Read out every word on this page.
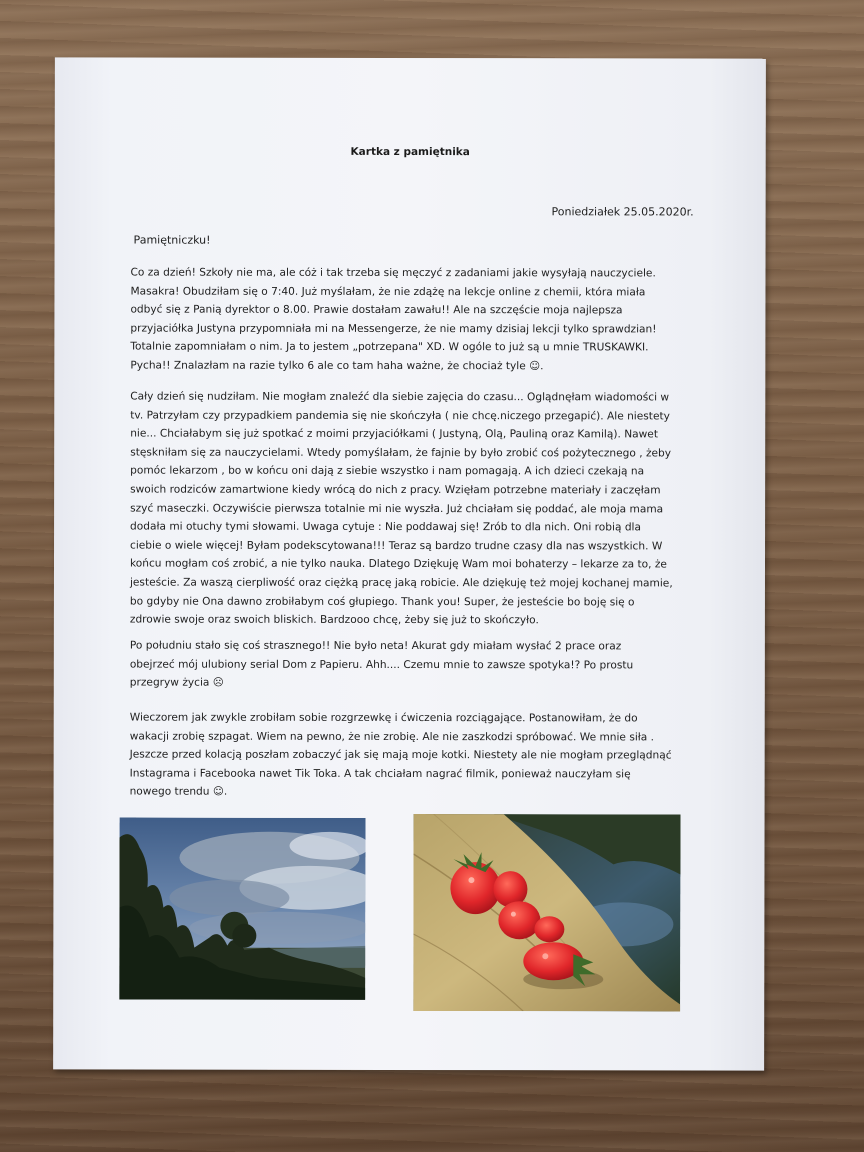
Kartka z pamiętnika
Poniedziałek 25.05.2020r.
Pamiętniczku!
Co za dzień! Szkoły nie ma, ale cóż i tak trzeba się męczyć z zadaniami jakie wysyłają nauczyciele.
Masakra! Obudziłam się o 7:40. Już myślałam, że nie zdążę na lekcje online z chemii, która miała
odbyć się z Panią dyrektor o 8.00. Prawie dostałam zawału!! Ale na szczęście moja najlepsza
przyjaciółka Justyna przypomniała mi na Messengerze, że nie mamy dzisiaj lekcji tylko sprawdzian!
Totalnie zapomniałam o nim. Ja to jestem „potrzepana" XD. W ogóle to już są u mnie TRUSKAWKI.
Pycha!! Znalazłam na razie tylko 6 ale co tam haha ważne, że chociaż tyle ☺.
Cały dzień się nudziłam. Nie mogłam znaleźć dla siebie zajęcia do czasu... Oglądnęłam wiadomości w
tv. Patrzyłam czy przypadkiem pandemia się nie skończyła ( nie chcę.niczego przegapić). Ale niestety
nie... Chciałabym się już spotkać z moimi przyjaciółkami ( Justyną, Olą, Pauliną oraz Kamilą). Nawet
stęskniłam się za nauczycielami. Wtedy pomyślałam, że fajnie by było zrobić coś pożytecznego , żeby
pomóc lekarzom , bo w końcu oni dają z siebie wszystko i nam pomagają. A ich dzieci czekają na
swoich rodziców zamartwione kiedy wrócą do nich z pracy. Wzięłam potrzebne materiały i zaczęłam
szyć maseczki. Oczywiście pierwsza totalnie mi nie wyszła. Już chciałam się poddać, ale moja mama
dodała mi otuchy tymi słowami. Uwaga cytuje : Nie poddawaj się! Zrób to dla nich. Oni robią dla
ciebie o wiele więcej! Byłam podekscytowana!!! Teraz są bardzo trudne czasy dla nas wszystkich. W
końcu mogłam coś zrobić, a nie tylko nauka. Dlatego Dziękuję Wam moi bohaterzy – lekarze za to, że
jesteście. Za waszą cierpliwość oraz ciężką pracę jaką robicie. Ale dziękuję też mojej kochanej mamie,
bo gdyby nie Ona dawno zrobiłabym coś głupiego. Thank you! Super, że jesteście bo boję się o
zdrowie swoje oraz swoich bliskich. Bardzooo chcę, żeby się już to skończyło.
Po południu stało się coś strasznego!! Nie było neta! Akurat gdy miałam wysłać 2 prace oraz
obejrzeć mój ulubiony serial Dom z Papieru. Ahh.... Czemu mnie to zawsze spotyka!? Po prostu
przegryw życia ☹
Wieczorem jak zwykle zrobiłam sobie rozgrzewkę i ćwiczenia rozciągające. Postanowiłam, że do
wakacji zrobię szpagat. Wiem na pewno, że nie zrobię. Ale nie zaszkodzi spróbować. We mnie siła .
Jeszcze przed kolacją poszłam zobaczyć jak się mają moje kotki. Niestety ale nie mogłam przeglądnąć
Instagrama i Facebooka nawet Tik Toka. A tak chciałam nagrać filmik, ponieważ nauczyłam się
nowego trendu ☺.
